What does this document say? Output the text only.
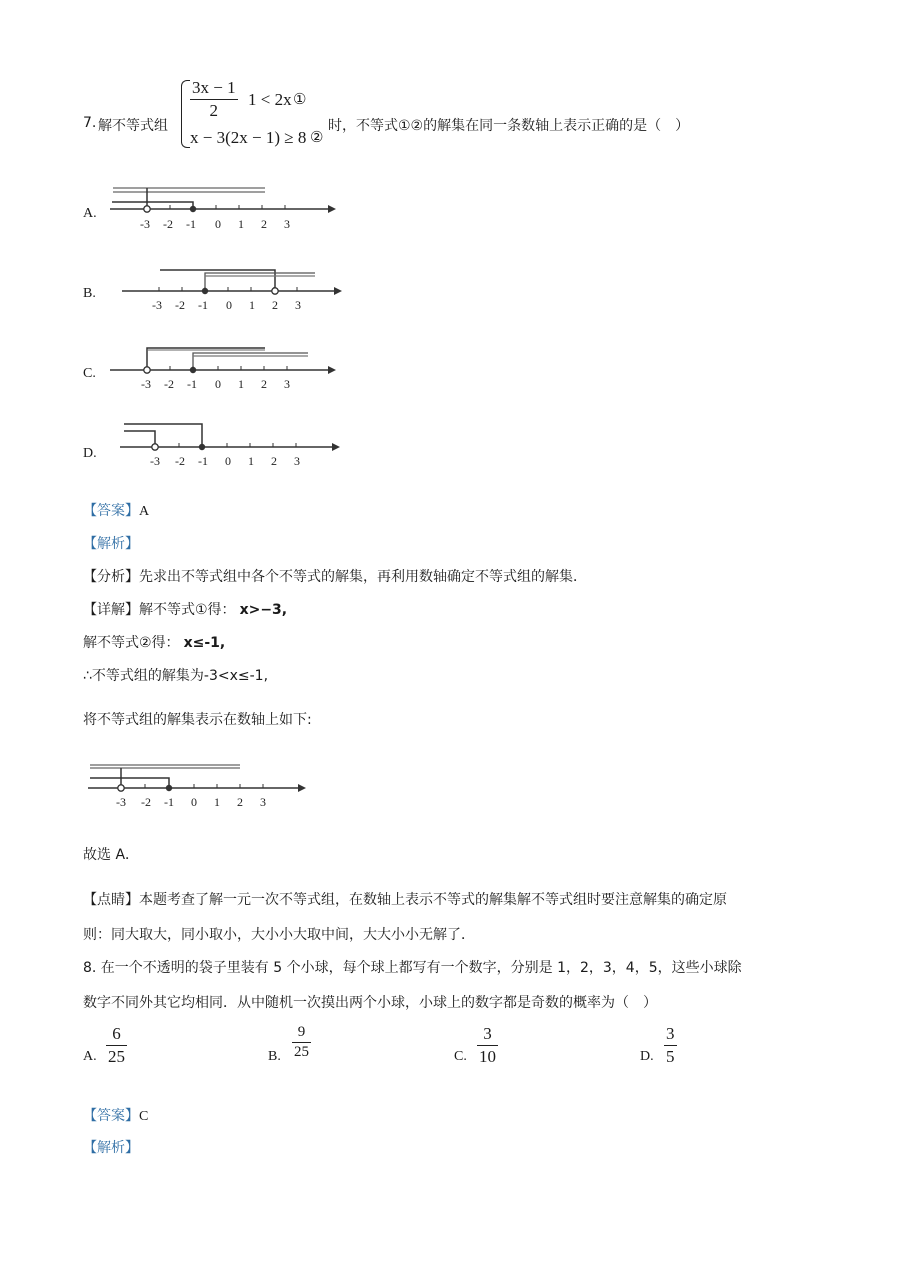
7. 解不等式组
3x − 1
2
1 < 2x ①
x − 3(2x − 1) ≥ 8 ②
时，不等式①②的解集在同一条数轴上表示正确的是（　）
A.
-3 -2 -1 0 1 2 3
B.
-3 -2 -1 0 1 2 3
C.
-3 -2 -1 0 1 2 3
D.	-3 -2 -1 0 1 2 3
【答案】A
【解析】
【分析】先求出不等式组中各个不等式的解集，再利用数轴确定不等式组的解集．
【详解】解不等式①得： x>−3,
解不等式②得： x≤-1,
∴不等式组的解集为-3<x≤-1,
将不等式组的解集表示在数轴上如下:
-3 -2 -1 0 1 2 3
故选 A．
【点睛】本题考查了解一元一次不等式组，在数轴上表示不等式的解集解不等式组时要注意解集的确定原
则：同大取大，同小取小，大小小大取中间，大大小小无解了．
8. 在一个不透明的袋子里装有 5 个小球，每个球上都写有一个数字，分别是 1，2，3，4，5，这些小球除
数字不同外其它均相同．从中随机一次摸出两个小球，小球上的数字都是奇数的概率为（　）
A.
6
25	B.
9
25	C.
3
10	D.
3
5
【答案】C
【解析】
